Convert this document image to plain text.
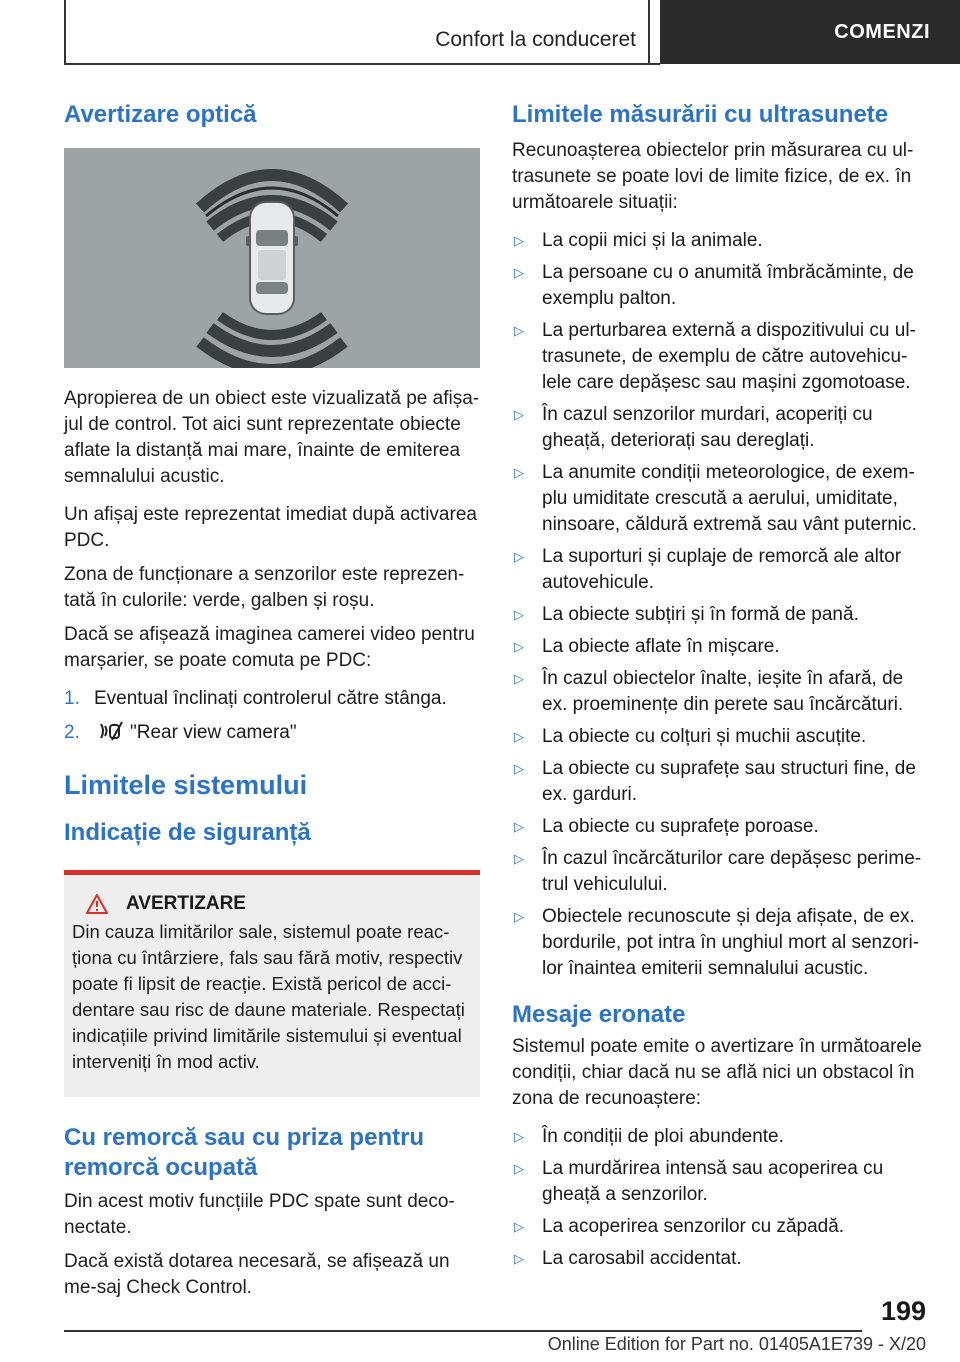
Confort la conduceret	COMENZI
Avertizare optică

Apropierea de un obiect este vizualizată pe afișa-jul de control. Tot aici sunt reprezentate obiecte aflate la distanță mai mare, înainte de emiterea semnalului acustic.

Un afișaj este reprezentat imediat după activarea PDC.

Zona de funcționare a senzorilor este reprezen-tată în culorile: verde, galben și roșu.

Dacă se afișează imaginea camerei video pentru marșarier, se poate comuta pe PDC:

1. Eventual înclinați controlerul către stânga.
2.	"Rear view camera"
Limitele sistemului
Indicație de siguranță
AVERTIZARE

Din cauza limitărilor sale, sistemul poate reac-ționa cu întârziere, fals sau fără motiv, respectiv poate fi lipsit de reacție. Există pericol de acci-dentare sau risc de daune materiale. Respectați indicațiile privind limitările sistemului și eventual interveniți în mod activ.

Cu remorcă sau cu priza pentru remorcă ocupată

Din acest motiv funcțiile PDC spate sunt deco-nectate.

Dacă există dotarea necesară, se afișează un me-saj Check Control.

Limitele măsurării cu ultrasunete

Recunoașterea obiectelor prin măsurarea cu ul-trasunete se poate lovi de limite fizice, de ex. în următoarele situații:

▷ La copii mici și la animale.
▷ La persoane cu o anumită îmbrăcăminte, de exemplu palton.
▷ La perturbarea externă a dispozitivului cu ul-trasunete, de exemplu de către autovehicu-lele care depășesc sau mașini zgomotoase.
▷ În cazul senzorilor murdari, acoperiți cu gheață, deteriorați sau dereglați.
▷ La anumite condiții meteorologice, de exem-plu umiditate crescută a aerului, umiditate, ninsoare, căldură extremă sau vânt puternic.
▷ La suporturi și cuplaje de remorcă ale altor autovehicule.
▷ La obiecte subțiri și în formă de pană.
▷ La obiecte aflate în mișcare.
▷ În cazul obiectelor înalte, ieșite în afară, de ex. proeminențe din perete sau încărcături.
▷ La obiecte cu colțuri și muchii ascuțite.
▷ La obiecte cu suprafețe sau structuri fine, de ex. garduri.
▷ La obiecte cu suprafețe poroase.
▷ În cazul încărcăturilor care depășesc perime-trul vehiculului.
▷ Obiectele recunoscute și deja afișate, de ex. bordurile, pot intra în unghiul mort al senzori-lor înaintea emiterii semnalului acustic.
Mesaje eronate

Sistemul poate emite o avertizare în următoarele condiții, chiar dacă nu se află nici un obstacol în zona de recunoaștere:

▷ În condiții de ploi abundente.
▷ La murdărirea intensă sau acoperirea cu gheață a senzorilor.
▷ La acoperirea senzorilor cu zăpadă.
▷ La carosabil accidentat.
199
Online Edition for Part no. 01405A1E739 - X/20
